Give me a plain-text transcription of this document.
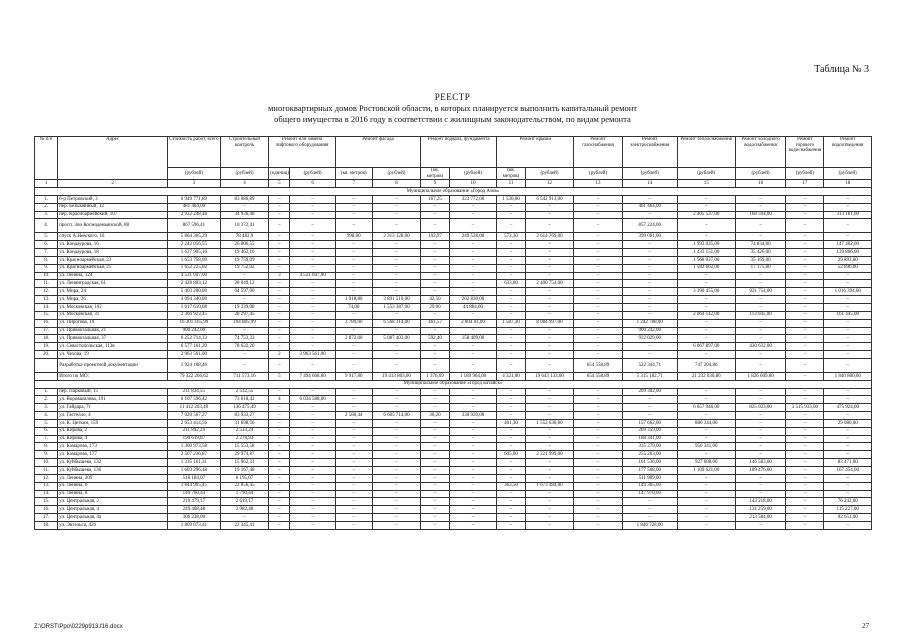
Таблица № 3
РЕЕСТР
многоквартирных домов Ростовской области, в которых планируется выполнить капитальный ремонт
общего имущества в 2016 году в соответствии с жилищным законодательством, по видам ремонта
№ п/п	Адрес	Стоимость работ, всего	Строительный контроль	Ремонт или замена лифтового оборудования		Ремонт фасада		Ремонт подвала, фундамента		Ремонт крыши		Ремонт газоснабжения	Ремонт электроснабжения	Ремонт теплоснабжения	Ремонт холодного водоснабжения	Ремонт горячего водоснабжения	Ремонт водоотведения
		(рублей)	(рублей)	(единиц)	(рублей)	(кв. метров)	(рублей)	(кв. метров)	(рублей)	(кв. метров)	(рублей)	(рублей)	(рублей)	(рублей)	(рублей)	(рублей)	(рублей)
1	2	3	4	5	6	7	8	9	10	11	12	13	14	15	16	17	18
Муниципальное образование «Город Азов»																	
1.	б-р Петровский, 3	6 949 771,89	83 086,89	–	–	–	–	167,25	323 772,00	1 530,00	6 542 913,00	–	–	–	–	–	–
2.	пер. Безымянный, 12	481 464,00	–	–	–	–	–	–	–	–	–	–	461 464,00	–	–	–	–
3.	пер. Красноармейский, 107	2 922 248,48	34 936,48	–	–	–	–	–	–	–	–	–	–	2 405 537,00	168 594,00	–	313 181,00
4.	просп. Зои Космодемьянской, 88	867 596,41	10 372,41	–	–	–	–	–	–	–	–	–	857 224,00	–	–	–	–
5.	спуск А.Невского, 16	5 864 365,29	78 482,9	–	–	998,00	2 313 128,00	193,97	249 528,00	572,30	2 614 769,00	–	399 091,00	–	–	–	–
6.	ул. Кондаурова, 16	2 242 056,55	26 806,55	–	–	–	–	–	–	–	–	–	–	1 993 035,00	74 834,00	–	147 402,00
7.	ул. Кондаурова, 18	1 627 905,16	19 462,16	–	–	–	–	–	–	–	–	–	–	1 433 151,00	35 426,00	–	139 866,00
8.	ул. Красноармейская, 23	1 653 758,09	19 759,09	–	–	–	–	–	–	–	–	–	–	1 568 037,00	35 169,00	–	29 893,00
9.	ул. Красноармейская, 25	1 652 225,02	19 752,02	–	–	–	–	–	–	–	–	–	–	1 582 602,00	17 175,00	–	52 896,00
10.	ул. Ленина, 124	4 531 047,00	–	3	4 531 047,00	–	–	–	–	–	–	–	–	–	–	–	–
11.	ул. Ленинградская, 61	2 428 803,12	28 049,12	–	–	–	–	–	–	633,00	2 400 754,00	–	–	–	–	–	–
12.	ул. Мира, 24	5 403 200,00	64 597,00	–	–	–	–	–	–	–	–	–	–	3 390 455,00	931 754,00	–	1 016 394,00
13.	ул. Мира, 26	4 094 340,00	–	–	–	1 918,80	3 891 510,00	42,50	202 830,00	–	–	–	–	–	–	–	–
14.	ул. Московская, 102	1 617 610,08	19 339,08	–	–	74,00	1 553 387,00	29,00	44 884,00	–	–	–	–	–	–	–	–
15.	ул. Московская, 31	2 366 923,45	28 297,45	–	–	–	–	–	–	–	–	–	–	2 064 142,00	113 045,00	–	161 445,00
16.	ул. Пирогова, 10	16 301 165,99	194 885,99	–	–	3 789,00	6 568 314,00	461,57	2 804 81,00	1 587,30	8 084 997,00	–	1 242 788,00	–	–	–	–
17.	ул. Привокзальная, 21	900 242,00	–	–	–	–	–	–	–	–	–	–	900 242,00	–	–	–	–
18.	ул. Привокзальная, 37	6 252 714,33	74 753,33	–	–	2 872,00	5 087 403,00	592,40	158 409,00	–	–	–	932 029,00	–	–	–	–
19.	ул. Севастопольская, 113в	6 577 161,20	78 632,20	–	–	–	–	–	–	–	–	–	–	6 067 897,00	430 632,00	–	–
20.	ул. Чехова, 19	2 963 561,00	–	2	2 963 561,00	–	–	–	–	–	–	–	–	–	–	–	–
	Разработка проектной документации	1 924 108,46	–	–	–	–	–	–	–	–	–	654 558,89	522 344,71	747 204,86	–	–	–
	Итого по МО:	79 322 266,62	711 573,16	5	7 494 608,00	9 917,80	19 413 803,00	1 376,69	1 189 964,00	4 321,00	19 643 133,00	654 558,89	5 315 182,71	21 232 030,86	1 826 609,00	–	1 840 800,00
Муниципальное образование «Город Батайск»																	
1.	пер. Парковый, 15	211 834,55	2 532,55	–	–	–	–	–	–	–	–	–	209 302,00	–	–	–	–
2.	ул. Воровшилова, 191	6 107 596,42	73 018,42	4	6 034 588,00	–	–	–	–	–	–	–	–	–	–	–	–
3.	ул. Гайдара, 7г	11 412 263,49	136 475,49	–	–	–	–	–	–	–	–	–	–	6 657 946,00	825 023,00	3 515 933,00	475 924,00
4.	ул. Гастелло, 4	7 020 567,27	83 933,27	–	–	2 580,44	6 605 714,00	30,20	330 920,00	–	–	–	–	–	–	–	–
5.	ул. К. Цеткин, 159	2 653 414,56	31 698,56	–	–	–	–	–	–	401,30	1 552 630,00	–	157 662,00	880 344,00	–	–	29 080,00
6.	ул. Кирова, 2	211 892,24	2 533,24	–	–	–	–	–	–	–	–	–	209 359,00	–	–	–	–
7.	ул. Кирова, 4	190 619,87	2 278,93	–	–	–	–	–	–	–	–	–	188 341,00	–	–	–	–
8.	ул. Комарова, 173	1 300 973,58	15 553,58	–	–	–	–	–	–	–	–	–	335 279,00	950 341,00	–	–	–
9.	ул. Комарова, 177	2 507 236,87	29 974,87	–	–	–	–	–	–	605,00	2 221 999,00	–	255 263,00	–	–	–	–
10.	ул. Куйбышева, 132	1 335 161,31	15 962,31	–	–	–	–	–	–	–	–	–	161 536,00	927 608,00	146 583,00	–	83 471,00
11.	ул. Куйбышева, 136	1 603 296,48	19 167,48	–	–	–	–	–	–	–	–	–	177 508,00	1 109 621,00	189 476,00	–	167 454,00
12.	ул. Ленина, 209	518 184,07	6 195,07	–	–	–	–	–	–	–	–	–	511 989,00	–	–	–	–
13.	ул. Ленина, 6	1 844 905,45	22 056,45	–	–	–	–	–	–	363,50	1 673 484,00	–	149 365,00	–	–	–	–
14.	ул. Ленина, 8	149 760,44	1 790,44	–	–	–	–	–	–	–	–	–	147 970,00	–	–	–	–
15.	ул. Центральная, 2	219 479,17	2 619,17	–	–	–	–	–	–	–	–	–	–	–	143 218,00	–	76 242,00
16.	ул. Центральная, 4	249 468,48	2 982,48	–	–	–	–	–	–	–	–	–	–	–	131 259,00	–	115 227,00
17.	ул. Центральная, 4а	306 238,00	–	–	–	–	–	–	–	–	–	–	–	–	213 584,00	–	92 651,00
18.	ул. Энгельса, 426	1 869 073,41	22 345,41	–	–	–	–	–	–	–	–	–	1 846 728,00	–	–	–	–
Z:\ORST\Ppo\0229p913.f16.docx	27
